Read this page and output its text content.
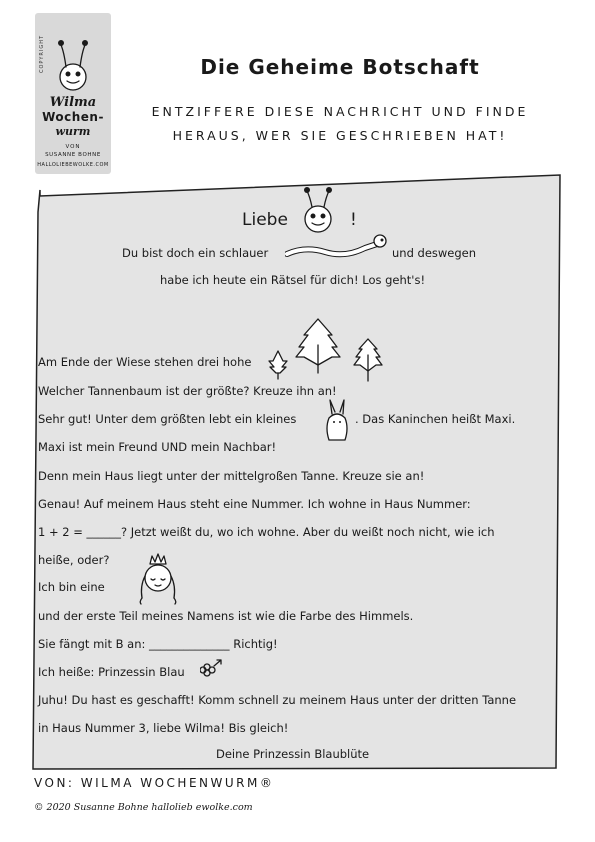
COPYRIGHT
Wilma
Wochen-
wurm
VON
SUSANNE BOHNE
HALLOLIEBEWOLKE.COM
Die Geheime Botschaft
ENTZIFFERE DIESE NACHRICHT UND FINDE
HERAUS, WER SIE GESCHRIEBEN HAT!
Liebe	!
Du bist doch ein schlauer	und deswegen
habe ich heute ein Rätsel für dich! Los geht's!
Am Ende der Wiese stehen drei hohe
Welcher Tannenbaum ist der größte? Kreuze ihn an!
Sehr gut! Unter dem größten lebt ein kleines	. Das Kaninchen heißt Maxi.
Maxi ist mein Freund UND mein Nachbar!
Denn mein Haus liegt unter der mittelgroßen Tanne. Kreuze sie an!
Genau! Auf meinem Haus steht eine Nummer. Ich wohne in Haus Nummer:
1 + 2 = ______? Jetzt weißt du, wo ich wohne. Aber du weißt noch nicht, wie ich
heiße, oder?
Ich bin eine
und der erste Teil meines Namens ist wie die Farbe des Himmels.
Sie fängt mit B an: ______________ Richtig!
Ich heiße: Prinzessin Blau
Juhu! Du hast es geschafft! Komm schnell zu meinem Haus unter der dritten Tanne
in Haus Nummer 3, liebe Wilma! Bis gleich!
Deine Prinzessin Blaublüte
VON: WILMA WOCHENWURM®
© 2020 Susanne Bohne hallolieb ewolke.com
